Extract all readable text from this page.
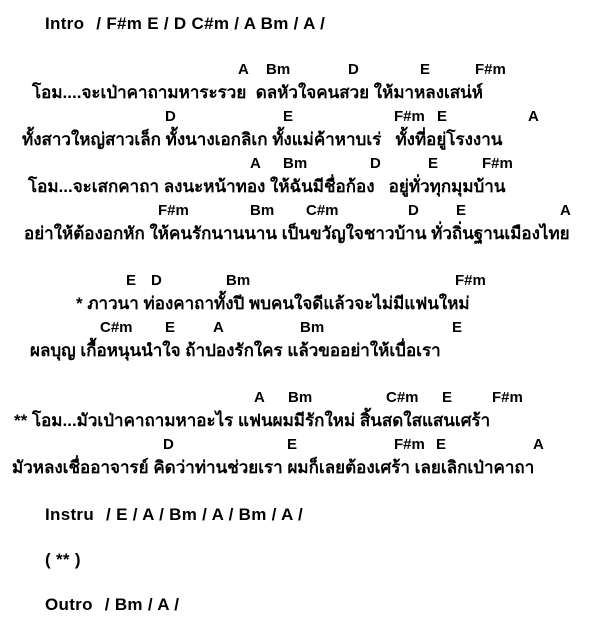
Intro / F#m E / D C#m / A Bm / A /
A Bm	D	E	F#m
โอม....จะเป่าคาถามหาระรวย  ดลหัวใจคนสวย ให้มาหลงเสน่ห์
D	E	F#m E	A
ทั้งสาวใหญ่สาวเล็ก ทั้งนางเอกลิเก ทั้งแม่ค้าหาบเร่   ทั้งที่อยู่โรงงาน
A Bm	D	E	F#m
โอม...จะเสกคาถา ลงนะหน้าทอง ให้ฉันมีชื่อก้อง   อยู่ทั่วทุกมุมบ้าน
F#m	Bm C#m	D E	A
อย่าให้ต้องอกหัก ให้คนรักนานนาน เป็นขวัญใจชาวบ้าน ทั่วถิ่นฐานเมืองไทย
E D	Bm	F#m
* ภาวนา ท่องคาถาทั้งปี พบคนใจดีแล้วจะไม่มีแฟนใหม่
C#m E	A	Bm	E
ผลบุญ เกื้อหนุนนำใจ ถ้าปองรักใคร แล้วขออย่าให้เบื่อเรา
A Bm	C#m E	F#m
** โอม...มัวเป่าคาถามหาอะไร แฟนผมมีรักใหม่ สิ้นสดใสแสนเศร้า
D	E	F#m E	A
มัวหลงเชื่ออาจารย์ คิดว่าท่านช่วยเรา ผมก็เลยต้องเศร้า เลยเลิกเป่าคาถา
Instru / E / A / Bm / A / Bm / A /
( ** )
Outro / Bm / A /
